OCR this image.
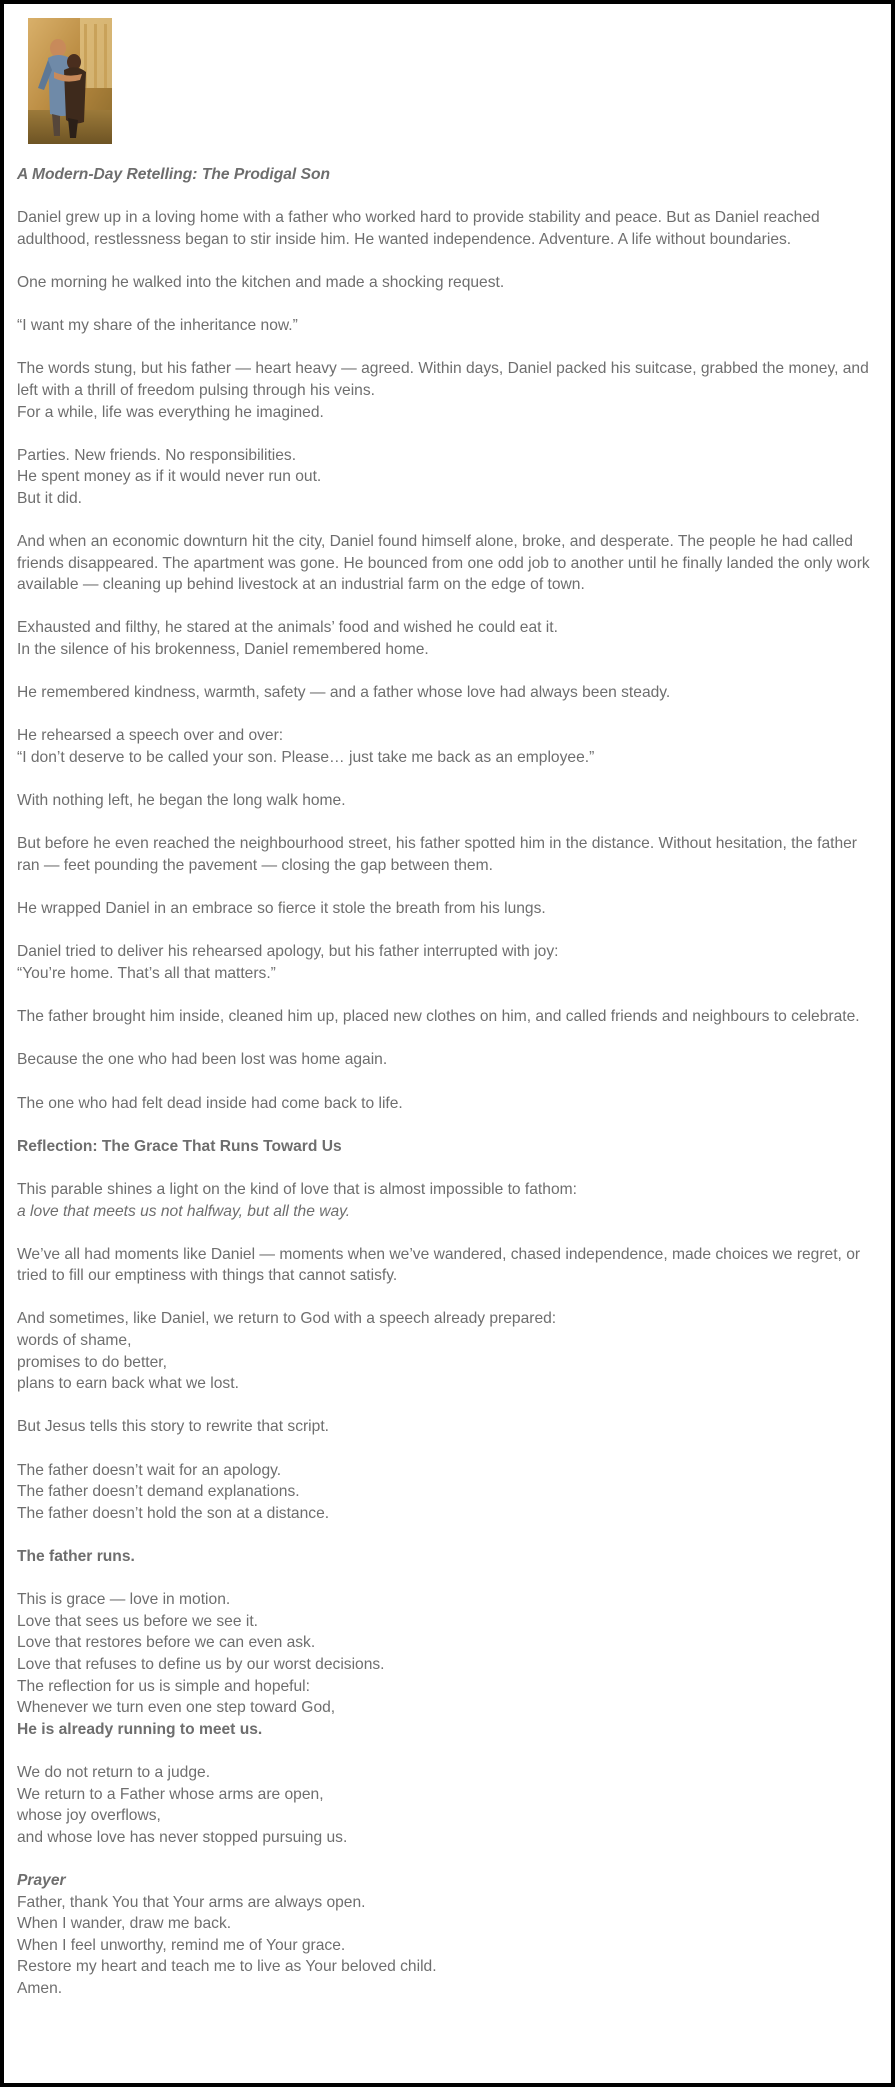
A Modern-Day Retelling: The Prodigal Son

Daniel grew up in a loving home with a father who worked hard to provide stability and peace. But as Daniel reached adulthood, restlessness began to stir inside him. He wanted independence. Adventure. A life without boundaries.

One morning he walked into the kitchen and made a shocking request.

“I want my share of the inheritance now.”

The words stung, but his father — heart heavy — agreed. Within days, Daniel packed his suitcase, grabbed the money, and left with a thrill of freedom pulsing through his veins.
For a while, life was everything he imagined.

Parties. New friends. No responsibilities.
He spent money as if it would never run out.
But it did.

And when an economic downturn hit the city, Daniel found himself alone, broke, and desperate. The people he had called friends disappeared. The apartment was gone. He bounced from one odd job to another until he finally landed the only work available — cleaning up behind livestock at an industrial farm on the edge of town.

Exhausted and filthy, he stared at the animals’ food and wished he could eat it.
In the silence of his brokenness, Daniel remembered home.

He remembered kindness, warmth, safety — and a father whose love had always been steady.

He rehearsed a speech over and over:
“I don’t deserve to be called your son. Please… just take me back as an employee.”

With nothing left, he began the long walk home.

But before he even reached the neighbourhood street, his father spotted him in the distance. Without hesitation, the father ran — feet pounding the pavement — closing the gap between them.

He wrapped Daniel in an embrace so fierce it stole the breath from his lungs.

Daniel tried to deliver his rehearsed apology, but his father interrupted with joy:
“You’re home. That’s all that matters.”

The father brought him inside, cleaned him up, placed new clothes on him, and called friends and neighbours to celebrate.

Because the one who had been lost was home again.

The one who had felt dead inside had come back to life.

Reflection: The Grace That Runs Toward Us

This parable shines a light on the kind of love that is almost impossible to fathom:
a love that meets us not halfway, but all the way.

We’ve all had moments like Daniel — moments when we’ve wandered, chased independence, made choices we regret, or tried to fill our emptiness with things that cannot satisfy.

And sometimes, like Daniel, we return to God with a speech already prepared:
words of shame,
promises to do better,
plans to earn back what we lost.

But Jesus tells this story to rewrite that script.

The father doesn’t wait for an apology.
The father doesn’t demand explanations.
The father doesn’t hold the son at a distance.

The father runs.

This is grace — love in motion.
Love that sees us before we see it.
Love that restores before we can even ask.
Love that refuses to define us by our worst decisions.
The reflection for us is simple and hopeful:
Whenever we turn even one step toward God,
He is already running to meet us.

We do not return to a judge.
We return to a Father whose arms are open,
whose joy overflows,
and whose love has never stopped pursuing us.

Prayer
Father, thank You that Your arms are always open.
When I wander, draw me back.
When I feel unworthy, remind me of Your grace.
Restore my heart and teach me to live as Your beloved child.
Amen.
